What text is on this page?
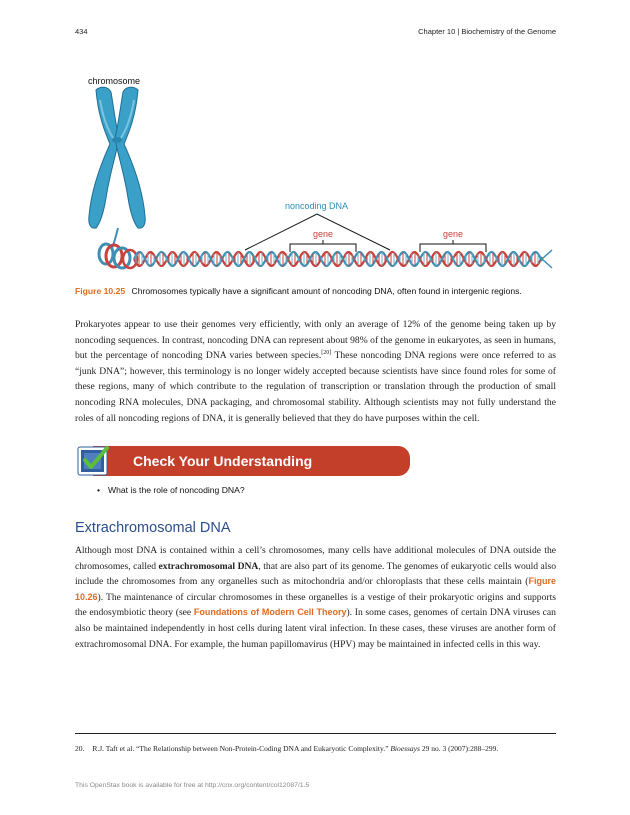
434	Chapter 10 | Biochemistry of the Genome
chromosome
noncoding DNA
gene	gene
Figure 10.25 Chromosomes typically have a significant amount of noncoding DNA, often found in intergenic regions.

Prokaryotes appear to use their genomes very efficiently, with only an average of 12% of the genome being taken up by noncoding sequences. In contrast, noncoding DNA can represent about 98% of the genome in eukaryotes, as seen in humans, but the percentage of noncoding DNA varies between species.[20] These noncoding DNA regions were once referred to as “junk DNA”; however, this terminology is no longer widely accepted because scientists have since found roles for some of these regions, many of which contribute to the regulation of transcription or translation through the production of small noncoding RNA molecules, DNA packaging, and chromosomal stability. Although scientists may not fully understand the roles of all noncoding regions of DNA, it is generally believed that they do have purposes within the cell.

Check Your Understanding
• What is the role of noncoding DNA?
Extrachromosomal DNA

Although most DNA is contained within a cell’s chromosomes, many cells have additional molecules of DNA outside the chromosomes, called extrachromosomal DNA, that are also part of its genome. The genomes of eukaryotic cells would also include the chromosomes from any organelles such as mitochondria and/or chloroplasts that these cells maintain (Figure 10.26). The maintenance of circular chromosomes in these organelles is a vestige of their prokaryotic origins and supports the endosymbiotic theory (see Foundations of Modern Cell Theory). In some cases, genomes of certain DNA viruses can also be maintained independently in host cells during latent viral infection. In these cases, these viruses are another form of extrachromosomal DNA. For example, the human papillomavirus (HPV) may be maintained in infected cells in this way.

20. R.J. Taft et al. “The Relationship between Non-Protein-Coding DNA and Eukaryotic Complexity.” Bioessays 29 no. 3 (2007):288–299.
This OpenStax book is available for free at http://cnx.org/content/col12087/1.5
